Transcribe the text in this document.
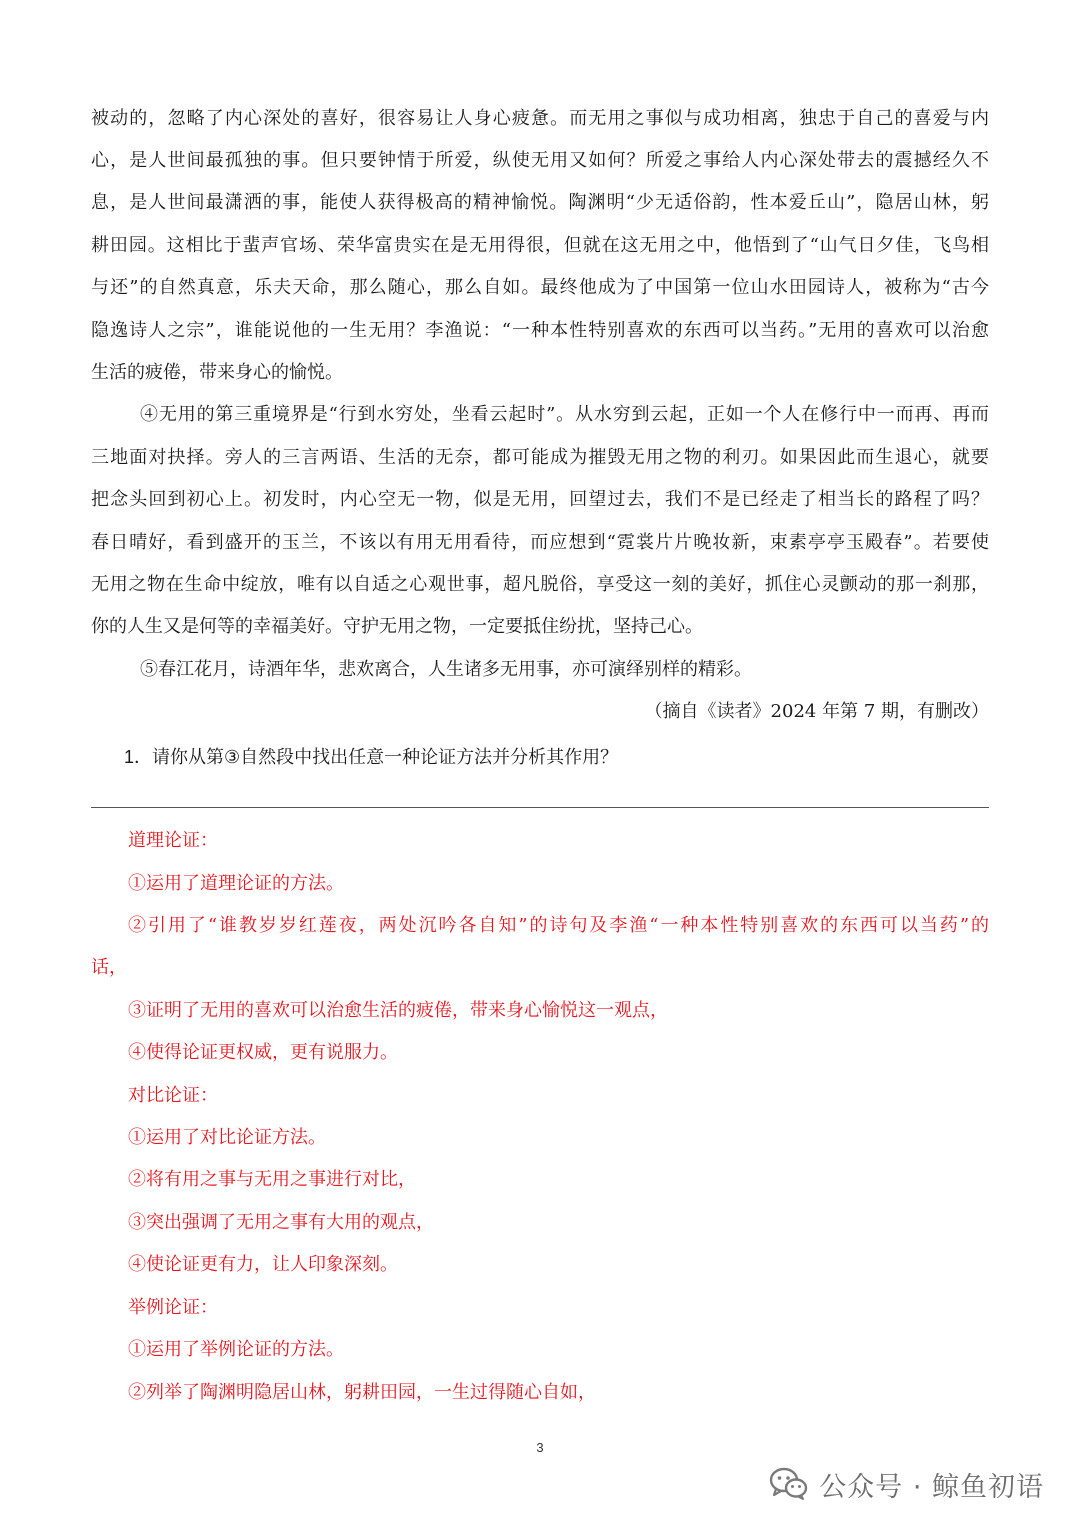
被动的，忽略了内心深处的喜好，很容易让人身心疲惫。而无用之事似与成功相离，独忠于自己的喜爱与内
心，是人世间最孤独的事。但只要钟情于所爱，纵使无用又如何？所爱之事给人内心深处带去的震撼经久不
息，是人世间最潇洒的事，能使人获得极高的精神愉悦。陶渊明“少无适俗韵，性本爱丘山”，隐居山林，躬
耕田园。这相比于蜚声官场、荣华富贵实在是无用得很，但就在这无用之中，他悟到了“山气日夕佳，飞鸟相
与还”的自然真意，乐夫天命，那么随心，那么自如。最终他成为了中国第一位山水田园诗人，被称为“古今
隐逸诗人之宗”，谁能说他的一生无用？李渔说：“一种本性特别喜欢的东西可以当药。”无用的喜欢可以治愈
生活的疲倦，带来身心的愉悦。
④无用的第三重境界是“行到水穷处，坐看云起时”。从水穷到云起，正如一个人在修行中一而再、再而
三地面对抉择。旁人的三言两语、生活的无奈，都可能成为摧毁无用之物的利刃。如果因此而生退心，就要
把念头回到初心上。初发时，内心空无一物，似是无用，回望过去，我们不是已经走了相当长的路程了吗？
春日晴好，看到盛开的玉兰，不该以有用无用看待，而应想到“霓裳片片晚妆新，束素亭亭玉殿春”。若要使
无用之物在生命中绽放，唯有以自适之心观世事，超凡脱俗，享受这一刻的美好，抓住心灵颤动的那一刹那，
你的人生又是何等的幸福美好。守护无用之物，一定要抵住纷扰，坚持己心。
⑤春江花月，诗酒年华，悲欢离合，人生诸多无用事，亦可演绎别样的精彩。
（摘自《读者》2024 年第 7 期，有删改）
1．请你从第③自然段中找出任意一种论证方法并分析其作用？
道理论证：
①运用了道理论证的方法。
②引用了“谁教岁岁红莲夜，两处沉吟各自知”的诗句及李渔“一种本性特别喜欢的东西可以当药”的
话，
③证明了无用的喜欢可以治愈生活的疲倦，带来身心愉悦这一观点，
④使得论证更权威，更有说服力。
对比论证：
①运用了对比论证方法。
②将有用之事与无用之事进行对比，
③突出强调了无用之事有大用的观点，
④使论证更有力，让人印象深刻。
举例论证：
①运用了举例论证的方法。
②列举了陶渊明隐居山林，躬耕田园，一生过得随心自如，
3
公众号 · 鲸鱼初语
